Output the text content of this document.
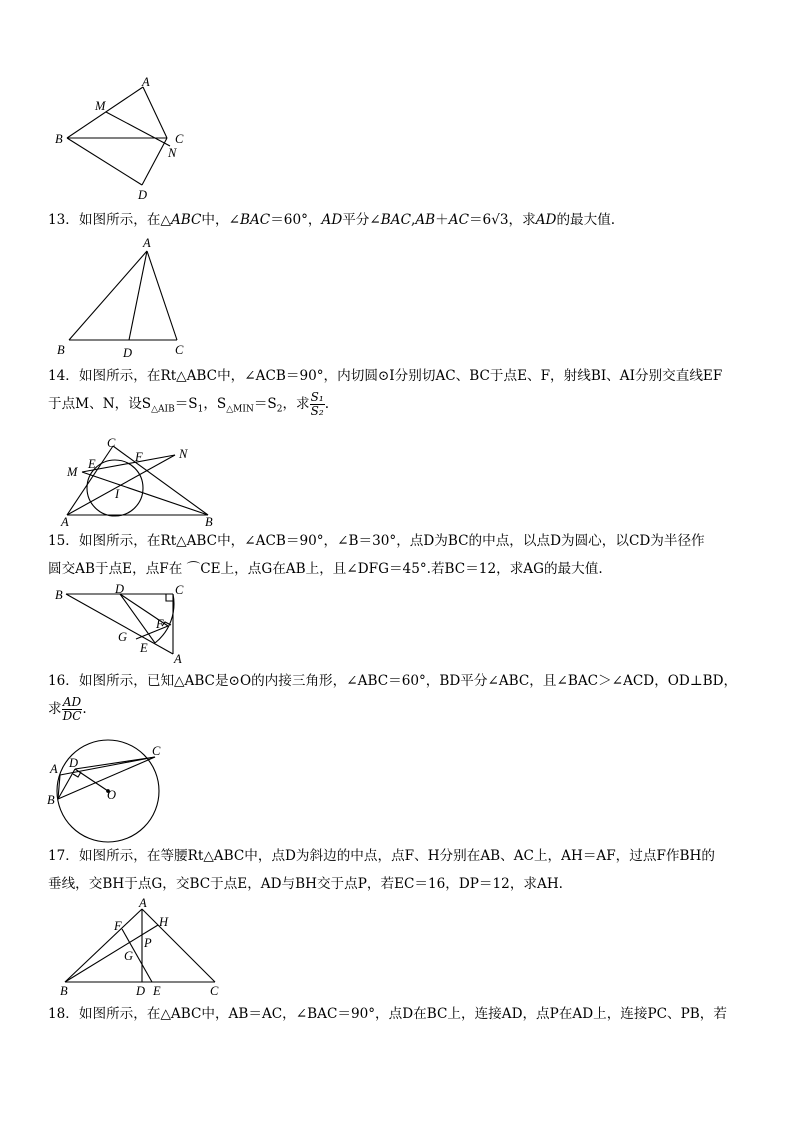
A
M
B	C
N
D
13．如图所示，在△ABC中，∠BAC＝60°，AD平分∠BAC,AB＋AC＝6√3，求AD的最大值.
A
B	D	C
14．如图所示，在Rt△ABC中，∠ACB＝90°，内切圆⊙I分别切AC、BC于点E、F，射线BI、AI分别交直线EF
于点M、N，设$S_{\triangle AIB}=S_1$，$S_{\triangle MIN}=S_2$，求 $\frac{\text{S₁}}{\text{S₂}}$ .
C
N
E	F
M
I
A	B
15．如图所示，在Rt△ABC中，∠ACB＝90°，∠B＝30°，点D为BC的中点，以点D为圆心，以CD为半径作
圆交AB于点E，点F在 ⌒CE上，点G在AB上，且∠DFG＝45°.若BC＝12，求AG的最大值.
B	D	C
F
G
E
A
16．如图所示，已知△ABC是⊙O的内接三角形，∠ABC＝60°，BD平分∠ABC，且∠BAC＞∠ACD，OD⊥BD，
求 $\frac{AD}{DC}$ .
C
A D
B	O
17．如图所示，在等腰Rt△ABC中，点D为斜边的中点，点F、H分别在AB、AC上，AH＝AF，过点F作BH的
垂线，交BH于点G，交BC于点E，AD与BH交于点P，若EC＝16，DP＝12，求AH.
A
F	H
P
G
B	D E	C
18．如图所示，在△ABC中，AB＝AC，∠BAC＝90°，点D在BC上，连接AD，点P在AD上，连接PC、PB，若
